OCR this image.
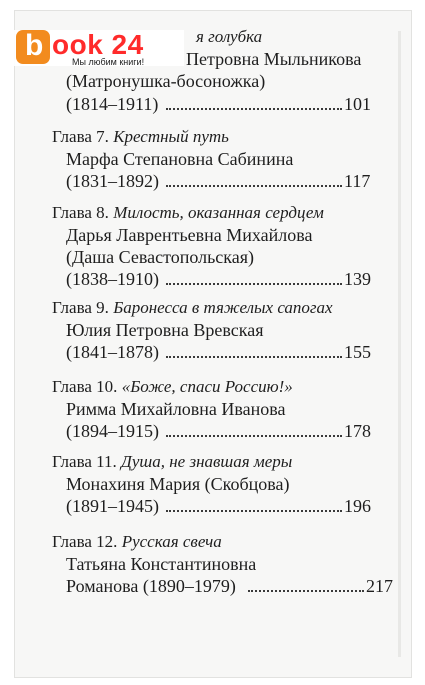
b ook 24
Мы любим книги!
я голубка
Петровна Мыльникова
(Матронушка-босоножка)
(1814–1911)	101
Глава 7. Крестный путь
Марфа Степановна Сабинина
(1831–1892)	117
Глава 8. Милость, оказанная сердцем
Дарья Лаврентьевна Михайлова
(Даша Севастопольская)
(1838–1910)	139
Глава 9. Баронесса в тяжелых сапогах
Юлия Петровна Вревская
(1841–1878)	155
Глава 10. «Боже, спаси Россию!»
Римма Михайловна Иванова
(1894–1915)	178
Глава 11. Душа, не знавшая меры
Монахиня Мария (Скобцова)
(1891–1945)	196
Глава 12. Русская свеча
Татьяна Константиновна
Романова (1890–1979)	217
